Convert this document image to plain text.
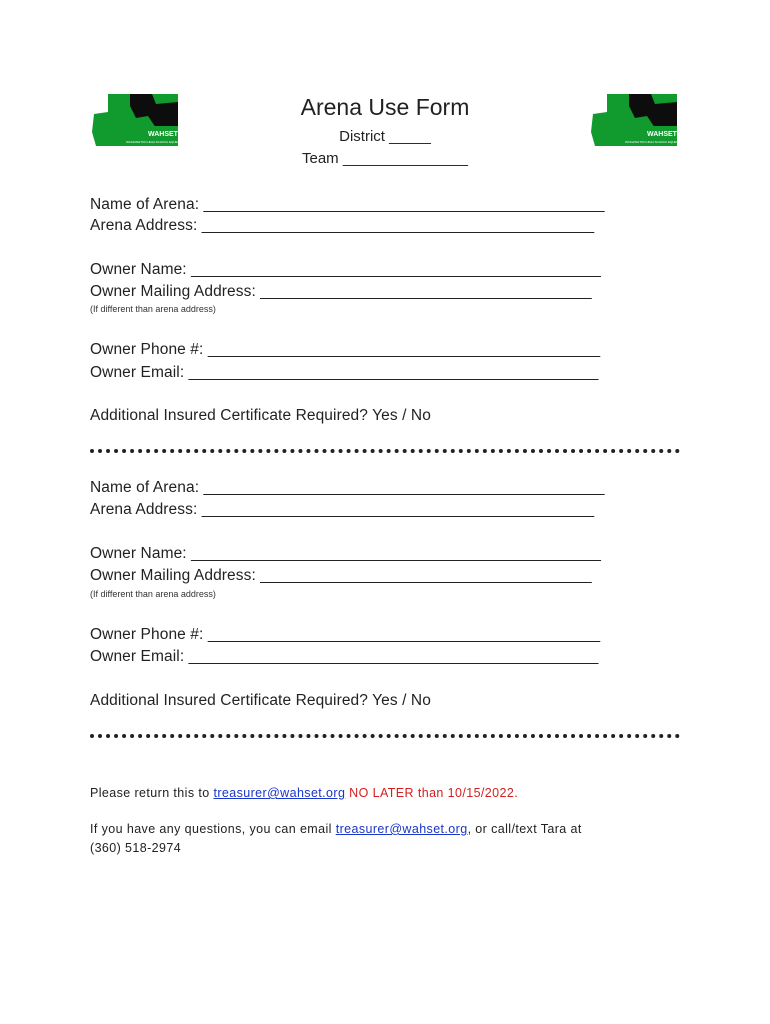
WAHSET
WASHINGTON HIGH SCHOOL EQUESTRIAN TEAMS
WAHSET
WASHINGTON HIGH SCHOOL EQUESTRIAN TEAMS
Arena Use Form
District _____
Team _______________
Name of Arena: ______________________________________________
Arena Address: _____________________________________________
Owner Name: _______________________________________________
Owner Mailing Address: ______________________________________
(If different than arena address)
Owner Phone #: _____________________________________________
Owner Email: _______________________________________________
Additional Insured Certificate Required? Yes / No
Name of Arena: ______________________________________________
Arena Address: _____________________________________________
Owner Name: _______________________________________________
Owner Mailing Address: ______________________________________
(If different than arena address)
Owner Phone #: _____________________________________________
Owner Email: _______________________________________________
Additional Insured Certificate Required? Yes / No
Please return this to treasurer@wahset.org NO LATER than 10/15/2022.
If you have any questions, you can email treasurer@wahset.org, or call/text Tara at
(360) 518-2974
